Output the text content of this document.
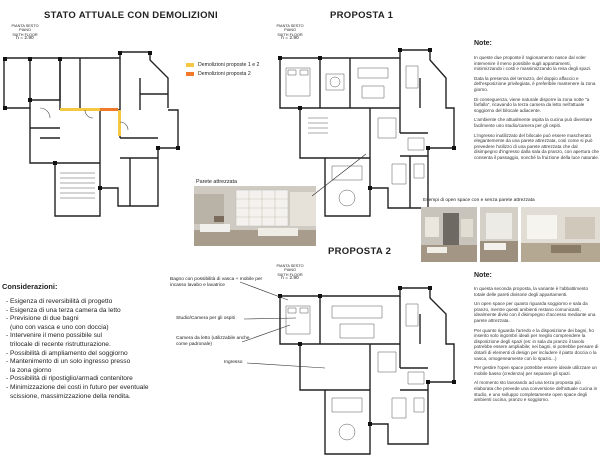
STATO ATTUALE CON DEMOLIZIONI	PROPOSTA 1
PROPOSTA 2
PIANTA SESTO PIANO
SIXTH FLOOR
h = 2.90
PIANTA SESTO PIANO
SIXTH FLOOR
h = 2.90
PIANTA SESTO PIANO
SIXTH FLOOR
h = 2.90
Demolizioni proposte 1 e 2
Demolizioni proposta 2
Parete attrezzata
Esempi di open space con e senza parete attrezzata
Note:

In queste due proposte il ragionamento nasce dal voler intervenire il meno possibile sugli appartamenti, minimizzando i costi e massimizzando la resa degli spazi.

Data la presenza del terrazzo, del doppio affaccio e dell'esposizione privilegiata, è preferibile mantenere la zona giorno.

Di conseguenza, viene naturale disporre la zona notte "a farfalla", ricavando la terza camera da letto nell'attuale soggiorno del bilocale adiacente.

L'ambiente che attualmente ospita la cucina può diventare facilmente uno studio/camera per gli ospiti.

L'ingresso inutilizzato del bilocale può essere mascherato elegantemente da una parete attrezzata, così come si può prevedere l'utilizzo di una parete attrezzata che dal disimpegno d'ingresso dalla sala da pranzo, con apertura che consenta il passaggio, nonché la fruizione della luce naturale.

Note:

In questa seconda proposta, la variante è l'abbattimento totale delle pareti divisorie degli appartamenti.

Un open space per quanto riguarda soggiorno e sala da pranzo, mentre questi ambienti restano comunicanti, idealmente divisi con il disimpegno d'accesso mediante una parete attrezzata.

Per quanto riguarda l'arredo e la disposizione dei bagni, ho inserito solo ingombri ideali per meglio comprendere la disposizione degli spazi (es: in sala da pranzo il tavolo potrebbe essere ampliabile; nei bagni, si potrebbe pensare di dotarli di elementi di design per includere il piatto doccia o la vasca, omogeneamente con lo spazio...)

Per gestire l'open space potrebbe essere ideale utilizzare un mobile basso (credenza) per separare gli spazi.

Al momento sto lavorando ad una terza proposta più elaborata che prevede una conversione dell'attuale cucina in studio, e uno sviluppo completamente open space degli ambienti cucina, pranzo e soggiorno.

Bagno con possibilità di vasca + mobile per incasso lavabo e lavatrice
Studio/Camera per gli ospiti
Camera da letto (utilizzabile anche come padronale)
Ingresso
Considerazioni:
- Esigenza di reversibilità di progetto
- Esigenza di una terza camera da letto
- Previsione di due bagni
(uno con vasca e uno con doccia)
- Intervenire il meno possibile sul
trilocale di recente ristrutturazione.
- Possibilità di ampliamento del soggiorno
- Mantenimento di un solo ingresso presso
la zona giorno
- Possibilità di ripostiglio/armadi contenitore
- Minimizzazione dei costi in futuro per eventuale
scissione, massimizzazione della rendita.
